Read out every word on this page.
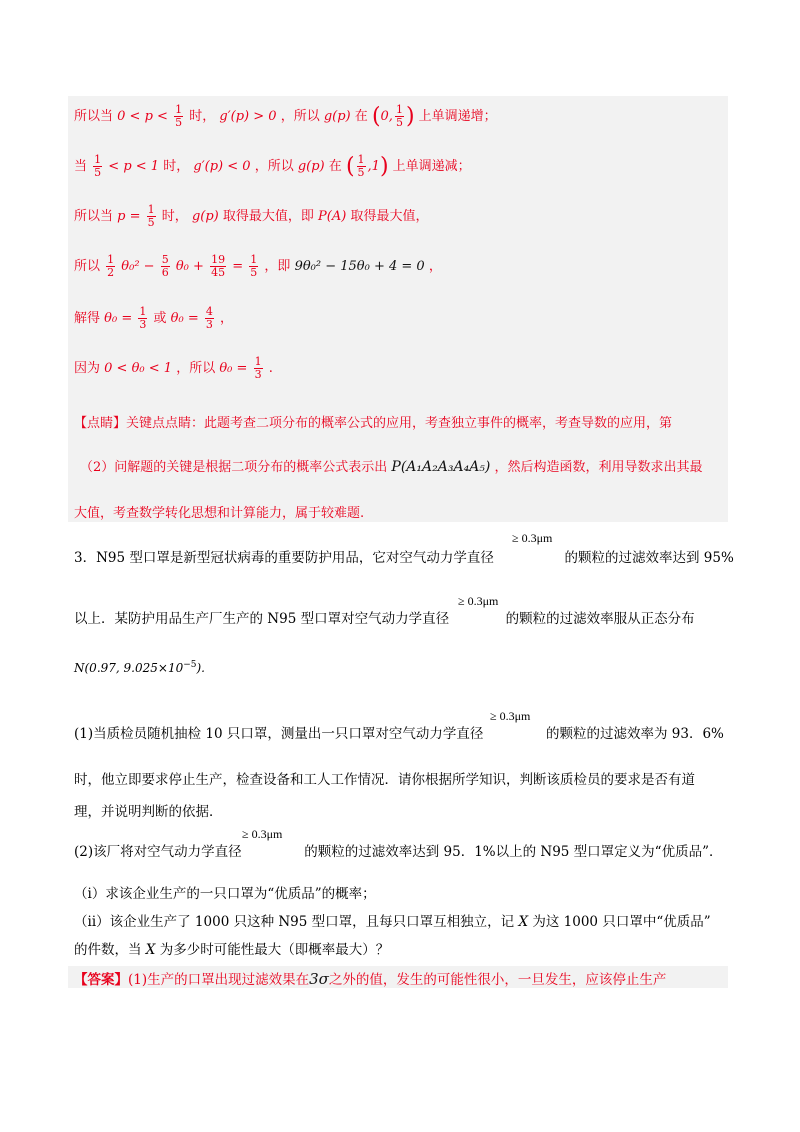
所以当 $0 < p < \frac{1}{5}$ 时， g′(p) > 0 ，所以 g(p) 在 (0, $\frac{1}{5}$ ) 上单调递增；
当 $\frac{1}{5} < p < 1$ 时， g′(p) < 0 ，所以 g(p) 在 ( $\frac{1}{5} ,1$) 上单调递减；
所以当 $p = \frac{1}{5}$ 时， g(p) 取得最大值，即 P(A) 取得最大值，
所以 $\frac{1}{2} \theta_0^2 - \frac{5}{6} \theta_0 + \frac{19}{45} = \frac{1}{5}$ ，即 9θ₀² − 15θ₀ + 4 = 0 ，
解得 $\theta_0 = \frac{1}{3}$ 或 $\theta_0 = \frac{4}{3}$ ，
因为 0 < θ₀ < 1 ，所以 $\theta_0 = \frac{1}{3}$ .
【点睛】关键点点睛：此题考查二项分布的概率公式的应用，考查独立事件的概率，考查导数的应用，第
（2）问解题的关键是根据二项分布的概率公式表示出 P(A₁A₂A₃A₄A₅) ，然后构造函数，利用导数求出其最
大值，考查数学转化思想和计算能力，属于较难题.
≥ 0.3μm
3．N95 型口罩是新型冠状病毒的重要防护用品，它对空气动力学直径	的颗粒的过滤效率达到 95%
≥ 0.3μm
以上．某防护用品生产厂生产的 N95 型口罩对空气动力学直径	的颗粒的过滤效率服从正态分布
N(0.97, $9.025\times 10^{-5}$).
≥ 0.3μm
(1)当质检员随机抽检 10 只口罩，测量出一只口罩对空气动力学直径	的颗粒的过滤效率为 93．6%
时，他立即要求停止生产，检查设备和工人工作情况．请你根据所学知识，判断该质检员的要求是否有道
理，并说明判断的依据．
≥ 0.3μm
(2)该厂将对空气动力学直径	的颗粒的过滤效率达到 95．1%以上的 N95 型口罩定义为“优质品”．
（ⅰ）求该企业生产的一只口罩为“优质品”的概率；
（ⅱ）该企业生产了 1000 只这种 N95 型口罩，且每只口罩互相独立，记 X 为这 1000 只口罩中“优质品”
的件数，当 X 为多少时可能性最大（即概率最大）？
【答案】(1)生产的口罩出现过滤效果在3σ之外的值，发生的可能性很小，一旦发生，应该停止生产
